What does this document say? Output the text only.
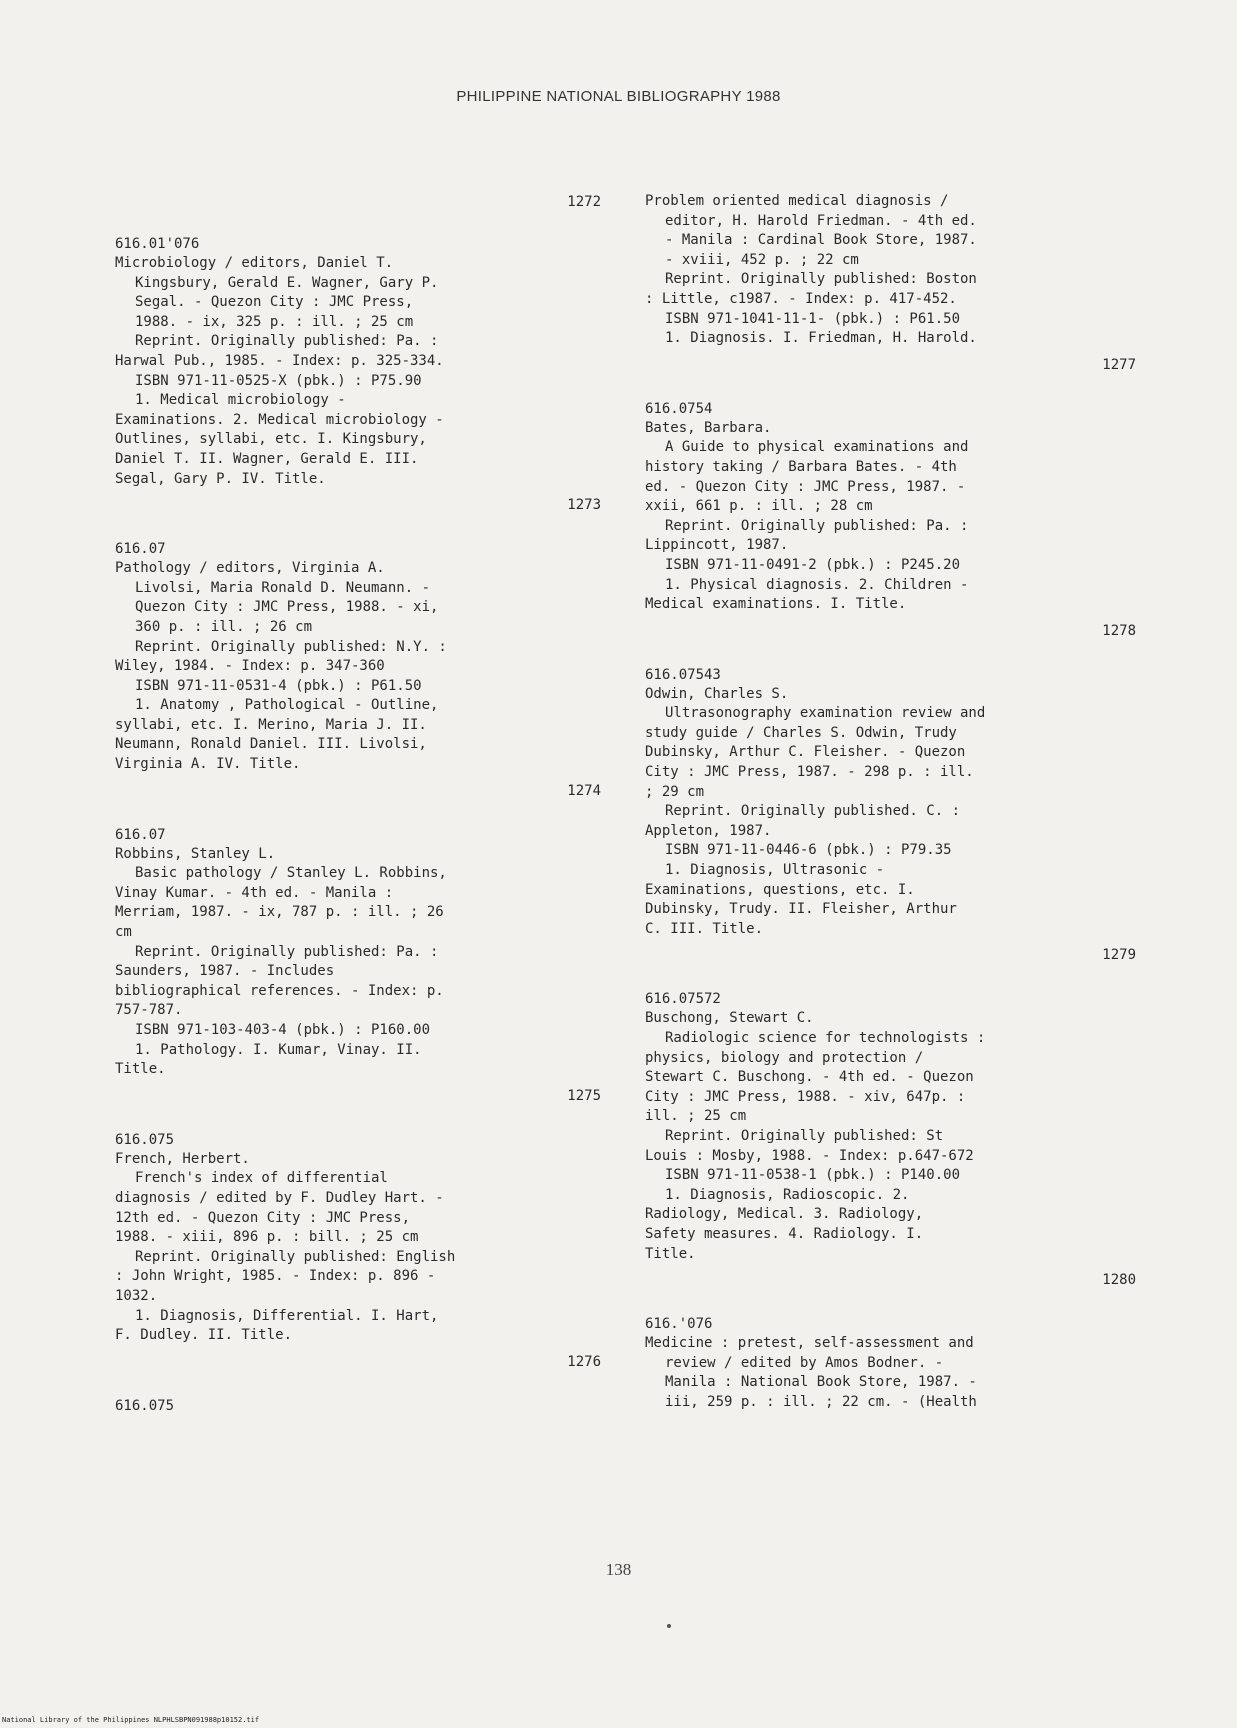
PHILIPPINE NATIONAL BIBLIOGRAPHY 1988
1272
616.01'076

Microbiology / editors, Daniel T.

Kingsbury, Gerald E. Wagner, Gary P.

Segal. - Quezon City : JMC Press,

1988. - ix, 325 p. : ill. ; 25 cm

Reprint. Originally published: Pa. :

Harwal Pub., 1985. - Index: p. 325-334.

ISBN 971-11-0525-X (pbk.) : P75.90

1. Medical microbiology -

Examinations. 2. Medical microbiology -

Outlines, syllabi, etc. I. Kingsbury,

Daniel T. II. Wagner, Gerald E. III.

Segal, Gary P. IV. Title.

1273
616.07

Pathology / editors, Virginia A.

Livolsi, Maria Ronald D. Neumann. -

Quezon City : JMC Press, 1988. - xi,

360 p. : ill. ; 26 cm

Reprint. Originally published: N.Y. :

Wiley, 1984. - Index: p. 347-360

ISBN 971-11-0531-4 (pbk.) : P61.50

1. Anatomy , Pathological - Outline,

syllabi, etc. I. Merino, Maria J. II.

Neumann, Ronald Daniel. III. Livolsi,

Virginia A. IV. Title.

1274
616.07

Robbins, Stanley L.

Basic pathology / Stanley L. Robbins,

Vinay Kumar. - 4th ed. - Manila :

Merriam, 1987. - ix, 787 p. : ill. ; 26

cm

Reprint. Originally published: Pa. :

Saunders, 1987. - Includes

bibliographical references. - Index: p.

757-787.

ISBN 971-103-403-4 (pbk.) : P160.00

1. Pathology. I. Kumar, Vinay. II.

Title.

1275
616.075

French, Herbert.

French's index of differential

diagnosis / edited by F. Dudley Hart. -

12th ed. - Quezon City : JMC Press,

1988. - xiii, 896 p. : bill. ; 25 cm

Reprint. Originally published: English

: John Wright, 1985. - Index: p. 896 -

1032.

1. Diagnosis, Differential. I. Hart,

F. Dudley. II. Title.

1276
616.075

Problem oriented medical diagnosis /

editor, H. Harold Friedman. - 4th ed.

- Manila : Cardinal Book Store, 1987.

- xviii, 452 p. ; 22 cm

Reprint. Originally published: Boston

: Little, c1987. - Index: p. 417-452.

ISBN 971-1041-11-1- (pbk.) : P61.50

1. Diagnosis. I. Friedman, H. Harold.

1277
616.0754

Bates, Barbara.

A Guide to physical examinations and

history taking / Barbara Bates. - 4th

ed. - Quezon City : JMC Press, 1987. -

xxii, 661 p. : ill. ; 28 cm

Reprint. Originally published: Pa. :

Lippincott, 1987.

ISBN 971-11-0491-2 (pbk.) : P245.20

1. Physical diagnosis. 2. Children -

Medical examinations. I. Title.

1278
616.07543

Odwin, Charles S.

Ultrasonography examination review and

study guide / Charles S. Odwin, Trudy

Dubinsky, Arthur C. Fleisher. - Quezon

City : JMC Press, 1987. - 298 p. : ill.

; 29 cm

Reprint. Originally published. C. :

Appleton, 1987.

ISBN 971-11-0446-6 (pbk.) : P79.35

1. Diagnosis, Ultrasonic -

Examinations, questions, etc. I.

Dubinsky, Trudy. II. Fleisher, Arthur

C. III. Title.

1279
616.07572

Buschong, Stewart C.

Radiologic science for technologists :

physics, biology and protection /

Stewart C. Buschong. - 4th ed. - Quezon

City : JMC Press, 1988. - xiv, 647p. :

ill. ; 25 cm

Reprint. Originally published: St

Louis : Mosby, 1988. - Index: p.647-672

ISBN 971-11-0538-1 (pbk.) : P140.00

1. Diagnosis, Radioscopic. 2.

Radiology, Medical. 3. Radiology,

Safety measures. 4. Radiology. I.

Title.

1280
616.'076

Medicine : pretest, self-assessment and

review / edited by Amos Bodner. -

Manila : National Book Store, 1987. -

iii, 259 p. : ill. ; 22 cm. - (Health

138
National Library of the Philippines NLPHLSBPN091988p10152.tif
